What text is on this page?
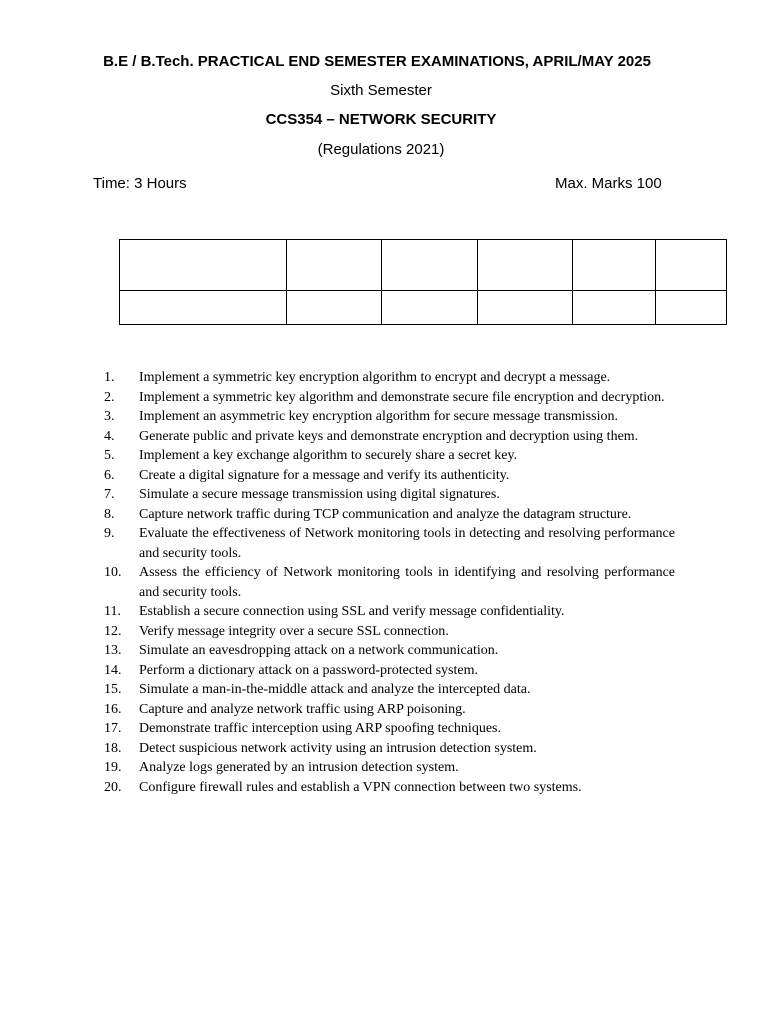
B.E / B.Tech. PRACTICAL END SEMESTER EXAMINATIONS, APRIL/MAY 2025
Sixth Semester
CCS354 – NETWORK SECURITY
(Regulations 2021)
Time: 3 Hours	Max. Marks 100

1.	Implement a symmetric key encryption algorithm to encrypt and decrypt a message.
2.	Implement a symmetric key algorithm and demonstrate secure file encryption and decryption.
3.	Implement an asymmetric key encryption algorithm for secure message transmission.
4.	Generate public and private keys and demonstrate encryption and decryption using them.
5.	Implement a key exchange algorithm to securely share a secret key.
6.	Create a digital signature for a message and verify its authenticity.
7.	Simulate a secure message transmission using digital signatures.
8.	Capture network traffic during TCP communication and analyze the datagram structure.
9.	Evaluate the effectiveness of Network monitoring tools in detecting and resolving performance and security tools.
10.	Assess the efficiency of Network monitoring tools in identifying and resolving performance and security tools.
11.	Establish a secure connection using SSL and verify message confidentiality.
12.	Verify message integrity over a secure SSL connection.
13.	Simulate an eavesdropping attack on a network communication.
14.	Perform a dictionary attack on a password-protected system.
15.	Simulate a man-in-the-middle attack and analyze the intercepted data.
16.	Capture and analyze network traffic using ARP poisoning.
17.	Demonstrate traffic interception using ARP spoofing techniques.
18.	Detect suspicious network activity using an intrusion detection system.
19.	Analyze logs generated by an intrusion detection system.
20.	Configure firewall rules and establish a VPN connection between two systems.
